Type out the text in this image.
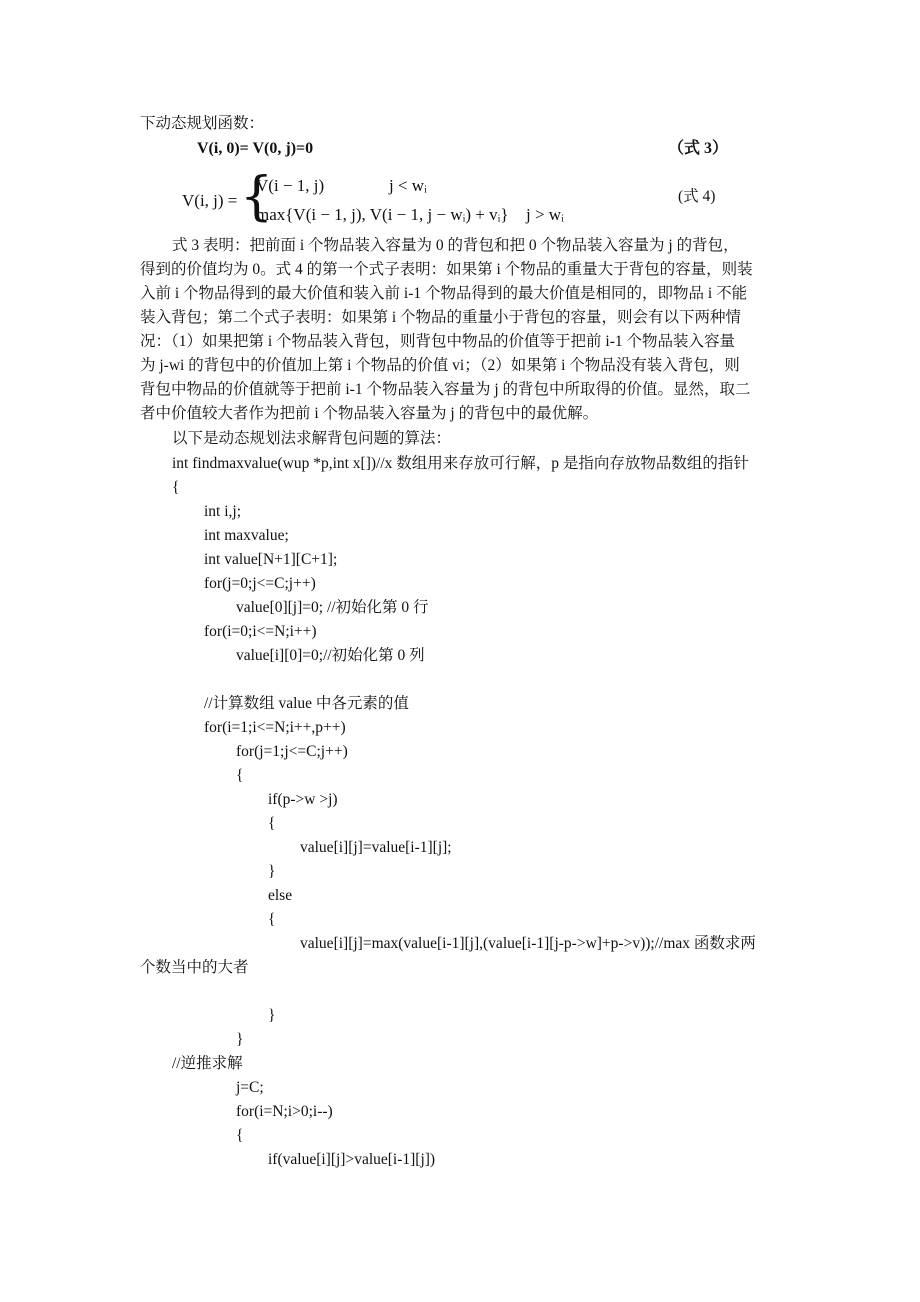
下动态规划函数：
V(i, 0)= V(0, j)=0	（式 3）
V(i, j) = {
V(i − 1, j)	j < wᵢ
max{V(i − 1, j), V(i − 1, j − wᵢ) + vᵢ} j > wᵢ
(式 4)
式 3 表明：把前面 i 个物品装入容量为 0 的背包和把 0 个物品装入容量为 j 的背包，
得到的价值均为 0。式 4 的第一个式子表明：如果第 i 个物品的重量大于背包的容量，则装
入前 i 个物品得到的最大价值和装入前 i-1 个物品得到的最大价值是相同的，即物品 i 不能
装入背包；第二个式子表明：如果第 i 个物品的重量小于背包的容量，则会有以下两种情
况：（1）如果把第 i 个物品装入背包，则背包中物品的价值等于把前 i-1 个物品装入容量
为 j-wi 的背包中的价值加上第 i 个物品的价值 vi；（2）如果第 i 个物品没有装入背包，则
背包中物品的价值就等于把前 i-1 个物品装入容量为 j 的背包中所取得的价值。显然，取二
者中价值较大者作为把前 i 个物品装入容量为 j 的背包中的最优解。
以下是动态规划法求解背包问题的算法：
int findmaxvalue(wup *p,int x[])//x 数组用来存放可行解，p 是指向存放物品数组的指针
{
int i,j;
int maxvalue;
int value[N+1][C+1];
for(j=0;j<=C;j++)
value[0][j]=0; //初始化第 0 行
for(i=0;i<=N;i++)
value[i][0]=0;//初始化第 0 列
//计算数组 value 中各元素的值
for(i=1;i<=N;i++,p++)
for(j=1;j<=C;j++)
{
if(p->w >j)
{
value[i][j]=value[i-1][j];
}
else
{
value[i][j]=max(value[i-1][j],(value[i-1][j-p->w]+p->v));//max 函数求两
个数当中的大者
}
}
//逆推求解
j=C;
for(i=N;i>0;i--)
{
if(value[i][j]>value[i-1][j])
